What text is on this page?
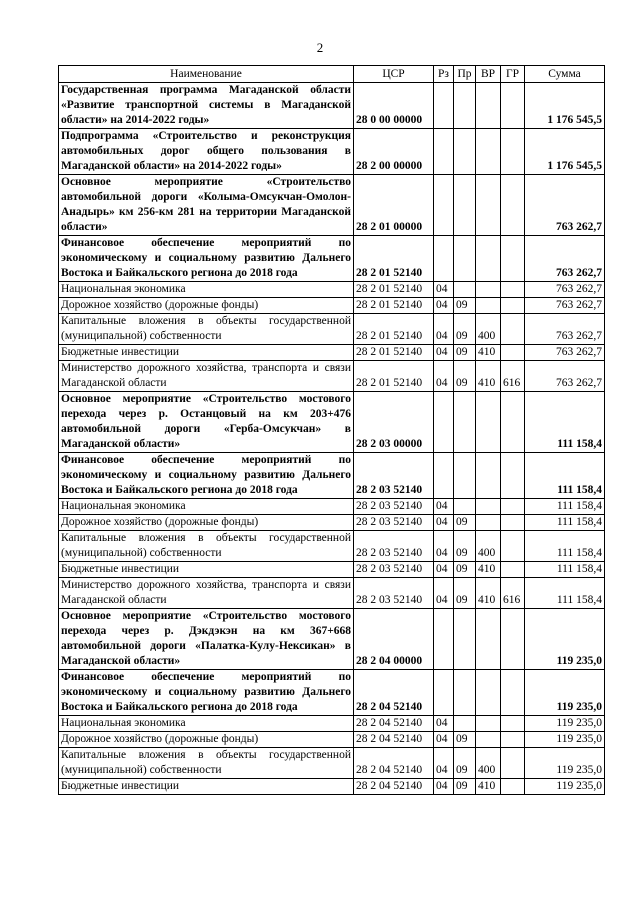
2
Наименование	ЦСР	Рз	Пр	ВР	ГР	Сумма
Государственная программа Магаданской области «Развитие транспортной системы в Магаданской области» на 2014-2022 годы»	28 0 00 00000					1 176 545,5
Подпрограмма «Строительство и реконструкция автомобильных дорог общего пользования в Магаданской области» на 2014-2022 годы»	28 2 00 00000					1 176 545,5
Основное мероприятие «Строительство автомобильной дороги «Колыма-Омсукчан-Омолон-Анадырь» км 256-км 281 на территории Магаданской области»	28 2 01 00000					763 262,7
Финансовое обеспечение мероприятий по экономическому и социальному развитию Дальнего Востока и Байкальского региона до 2018 года	28 2 01 52140					763 262,7
Национальная экономика	28 2 01 52140	04				763 262,7
Дорожное хозяйство (дорожные фонды)	28 2 01 52140	04	09			763 262,7
Капитальные вложения в объекты государственной (муниципальной) собственности	28 2 01 52140	04	09	400		763 262,7
Бюджетные инвестиции	28 2 01 52140	04	09	410		763 262,7
Министерство дорожного хозяйства, транспорта и связи Магаданской области	28 2 01 52140	04	09	410	616	763 262,7
Основное мероприятие «Строительство мостового перехода через р. Останцовый на км 203+476 автомобильной дороги «Герба-Омсукчан» в Магаданской области»	28 2 03 00000					111 158,4
Финансовое обеспечение мероприятий по экономическому и социальному развитию Дальнего Востока и Байкальского региона до 2018 года	28 2 03 52140					111 158,4
Национальная экономика	28 2 03 52140	04				111 158,4
Дорожное хозяйство (дорожные фонды)	28 2 03 52140	04	09			111 158,4
Капитальные вложения в объекты государственной (муниципальной) собственности	28 2 03 52140	04	09	400		111 158,4
Бюджетные инвестиции	28 2 03 52140	04	09	410		111 158,4
Министерство дорожного хозяйства, транспорта и связи Магаданской области	28 2 03 52140	04	09	410	616	111 158,4
Основное мероприятие «Строительство мостового перехода через р. Дэкдэкэн на км 367+668 автомобильной дороги «Палатка-Кулу-Нексикан» в Магаданской области»	28 2 04 00000					119 235,0
Финансовое обеспечение мероприятий по экономическому и социальному развитию Дальнего Востока и Байкальского региона до 2018 года	28 2 04 52140					119 235,0
Национальная экономика	28 2 04 52140	04				119 235,0
Дорожное хозяйство (дорожные фонды)	28 2 04 52140	04	09			119 235,0
Капитальные вложения в объекты государственной (муниципальной) собственности	28 2 04 52140	04	09	400		119 235,0
Бюджетные инвестиции	28 2 04 52140	04	09	410		119 235,0
